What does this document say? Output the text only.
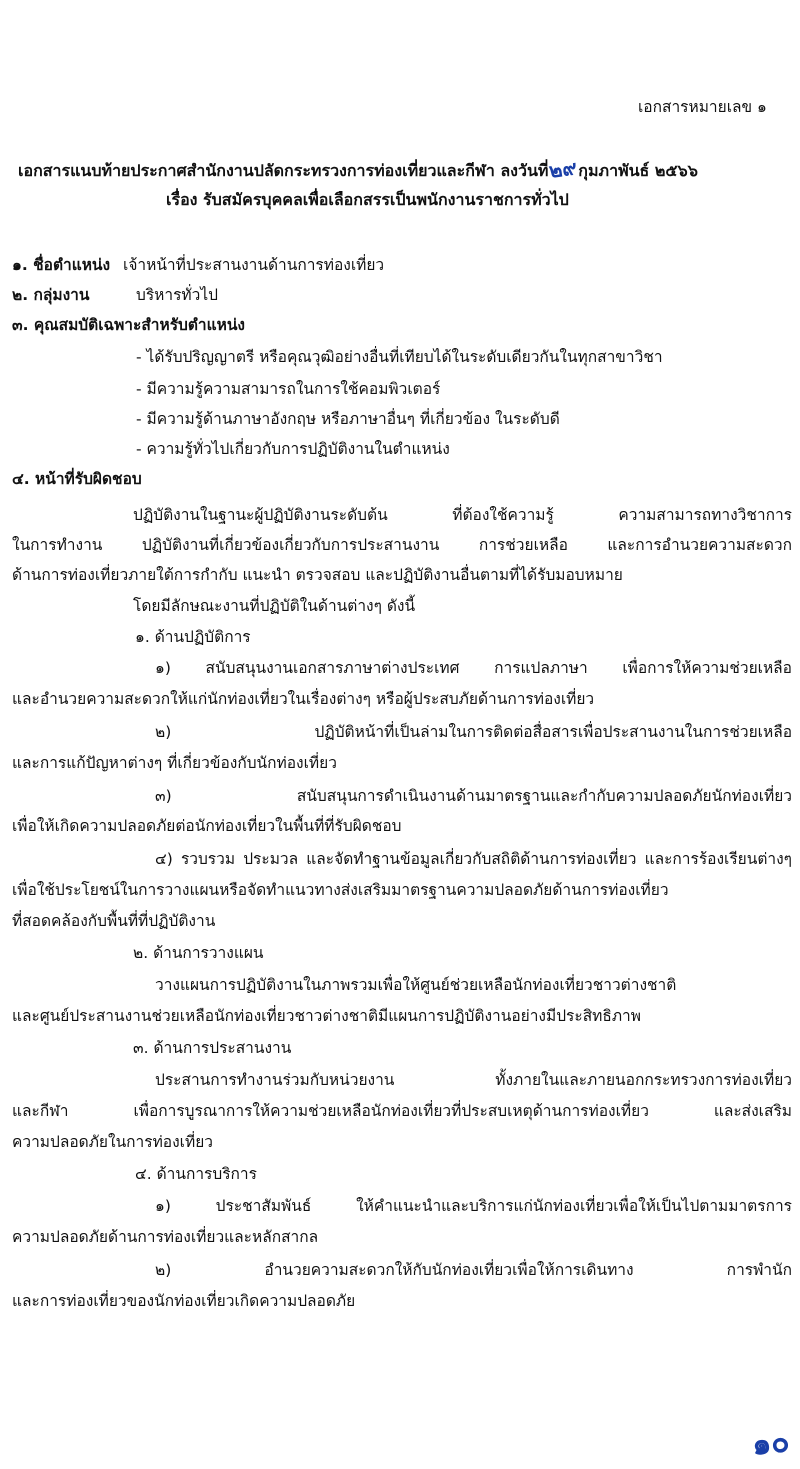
เอกสารหมายเลข ๑
เอกสารแนบท้ายประกาศสำนักงานปลัดกระทรวงการท่องเที่ยวและกีฬา ลงวันที่๒๙กุมภาพันธ์ ๒๕๖๖
เรื่อง รับสมัครบุคคลเพื่อเลือกสรรเป็นพนักงานราชการทั่วไป
๑. ชื่อตำแหน่ง เจ้าหน้าที่ประสานงานด้านการท่องเที่ยว
๒. กลุ่มงาน	บริหารทั่วไป
๓. คุณสมบัติเฉพาะสำหรับตำแหน่ง
- ได้รับปริญญาตรี หรือคุณวุฒิอย่างอื่นที่เทียบได้ในระดับเดียวกันในทุกสาขาวิชา
- มีความรู้ความสามารถในการใช้คอมพิวเตอร์
- มีความรู้ด้านภาษาอังกฤษ หรือภาษาอื่นๆ ที่เกี่ยวข้อง ในระดับดี
- ความรู้ทั่วไปเกี่ยวกับการปฏิบัติงานในตำแหน่ง
๔. หน้าที่รับผิดชอบ
ปฏิบัติงานในฐานะผู้ปฏิบัติงานระดับต้น ที่ต้องใช้ความรู้ ความสามารถทางวิชาการ
ในการทำงาน ปฏิบัติงานที่เกี่ยวข้องเกี่ยวกับการประสานงาน การช่วยเหลือ และการอำนวยความสะดวก
ด้านการท่องเที่ยวภายใต้การกำกับ แนะนำ ตรวจสอบ และปฏิบัติงานอื่นตามที่ได้รับมอบหมาย
โดยมีลักษณะงานที่ปฏิบัติในด้านต่างๆ ดังนี้
๑. ด้านปฏิบัติการ
๑) สนับสนุนงานเอกสารภาษาต่างประเทศ การแปลภาษา เพื่อการให้ความช่วยเหลือ
และอำนวยความสะดวกให้แก่นักท่องเที่ยวในเรื่องต่างๆ หรือผู้ประสบภัยด้านการท่องเที่ยว
๒) ปฏิบัติหน้าที่เป็นล่ามในการติดต่อสื่อสารเพื่อประสานงานในการช่วยเหลือ
และการแก้ปัญหาต่างๆ ที่เกี่ยวข้องกับนักท่องเที่ยว
๓) สนับสนุนการดำเนินงานด้านมาตรฐานและกำกับความปลอดภัยนักท่องเที่ยว
เพื่อให้เกิดความปลอดภัยต่อนักท่องเที่ยวในพื้นที่ที่รับผิดชอบ
๔) รวบรวม ประมวล และจัดทำฐานข้อมูลเกี่ยวกับสถิติด้านการท่องเที่ยว และการร้องเรียนต่างๆ
เพื่อใช้ประโยชน์ในการวางแผนหรือจัดทำแนวทางส่งเสริมมาตรฐานความปลอดภัยด้านการท่องเที่ยว
ที่สอดคล้องกับพื้นที่ที่ปฏิบัติงาน
๒. ด้านการวางแผน
วางแผนการปฏิบัติงานในภาพรวมเพื่อให้ศูนย์ช่วยเหลือนักท่องเที่ยวชาวต่างชาติ
และศูนย์ประสานงานช่วยเหลือนักท่องเที่ยวชาวต่างชาติมีแผนการปฏิบัติงานอย่างมีประสิทธิภาพ
๓. ด้านการประสานงาน
ประสานการทำงานร่วมกับหน่วยงาน ทั้งภายในและภายนอกกระทรวงการท่องเที่ยว
และกีฬา เพื่อการบูรณาการให้ความช่วยเหลือนักท่องเที่ยวที่ประสบเหตุด้านการท่องเที่ยว และส่งเสริม
ความปลอดภัยในการท่องเที่ยว
๔. ด้านการบริการ
๑) ประชาสัมพันธ์ ให้คำแนะนำและบริการแก่นักท่องเที่ยวเพื่อให้เป็นไปตามมาตรการ
ความปลอดภัยด้านการท่องเที่ยวและหลักสากล
๒) อำนวยความสะดวกให้กับนักท่องเที่ยวเพื่อให้การเดินทาง การพำนัก
และการท่องเที่ยวของนักท่องเที่ยวเกิดความปลอดภัย
๑๐
